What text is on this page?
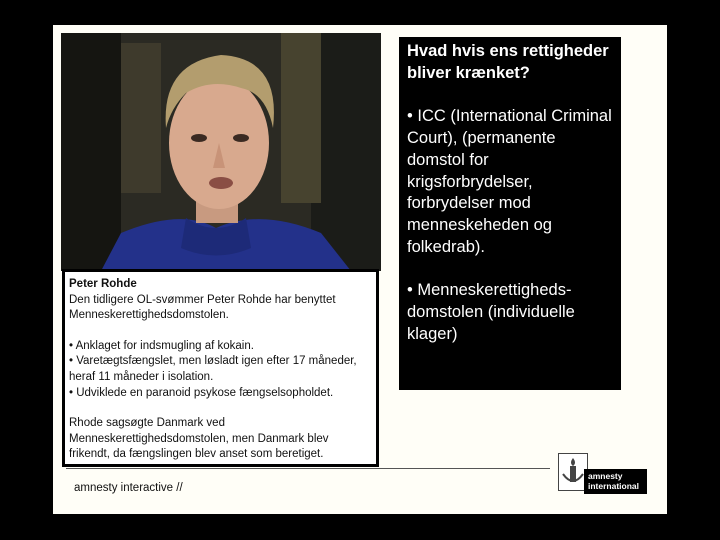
Peter Rohde

Den tidligere OL-svømmer Peter Rohde har benyttet Menneskerettighedsdomstolen.

• Anklaget for indsmugling af kokain.

• Varetægtsfængslet, men løsladt igen efter 17 måneder, heraf 11 måneder i isolation.

• Udviklede en paranoid psykose fængselsopholdet.

Rhode sagsøgte Danmark ved Menneskerettighedsdomstolen, men Danmark blev frikendt, da fængslingen blev anset som beretiget.

Hvad hvis ens rettigheder bliver krænket?

• ICC (International Criminal Court), (permanente domstol for krigsforbrydelser, forbrydelser mod menneskeheden og folkedrab).

• Menneskerettigheds-domstolen (individuelle klager)

amnesty interactive //
amnesty
international
